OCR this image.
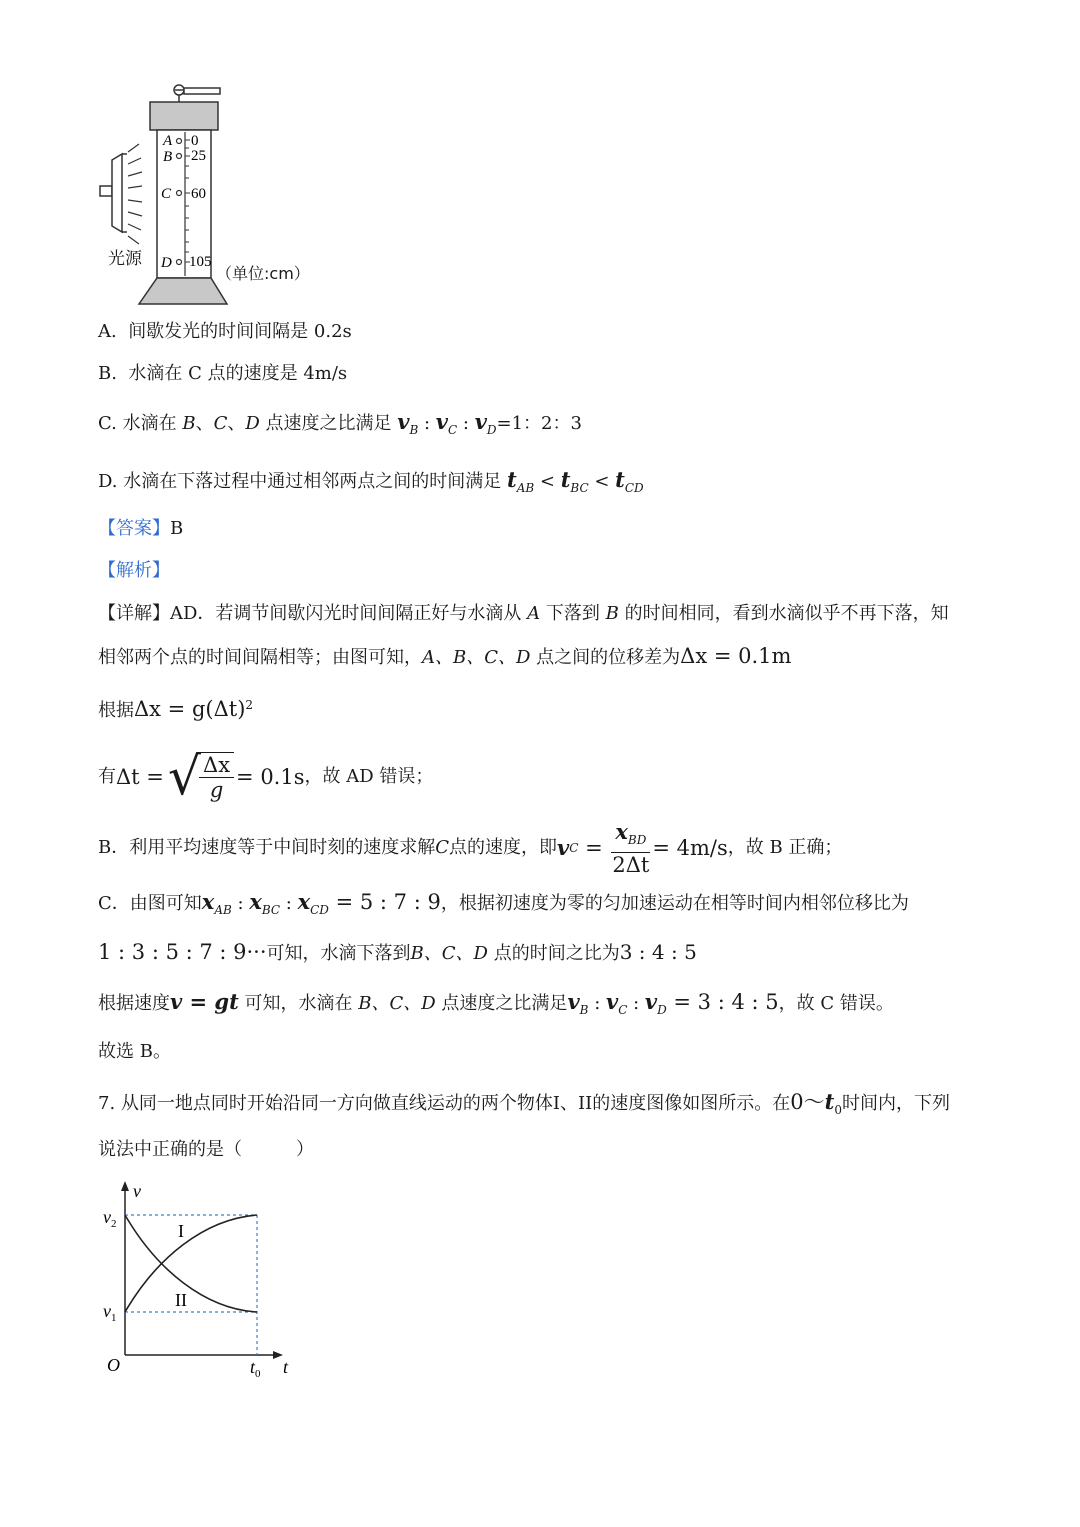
A
B
C
D
0
25
60
105
光源
（单位:cm）
A. 间歇发光的时间间隔是 0.2s
B. 水滴在 C 点的速度是 4m/s
C. 水滴在 B、C、D 点速度之比满足 $v_B$ : $v_C$ : $v_D=1$：2：3
D. 水滴在下落过程中通过相邻两点之间的时间满足 $t_{AB} < t_{BC} < t_{CD}$
【答案】B
【解析】
【详解】AD．若调节间歇闪光时间间隔正好与水滴从 A 下落到 B 的时间相同，看到水滴似乎不再下落，知
相邻两个点的时间间隔相等；由图可知，A、B、C、D 点之间的位移差为Δx = 0.1m
根据$\Delta x = g(\Delta t)^2$
有 Δt = √
$\frac{\Delta x}{g} = 0.1s$ ，故 AD 错误；
B．利用平均速度等于中间时刻的速度求解 C 点的速度，即 v $C = \frac{x_{BD}}{2\Delta t} = 4m/s$ ，故 B 正确；
C．由图可知$x_{AB}$ : $x_{BC}$ : $x_{CD} = 5$ : 7 : 9，根据初速度为零的匀加速运动在相等时间内相邻位移比为
1 : 3 : 5 : 7 : 9···可知，水滴下落到B、C、D 点的时间之比为3 : 4 : 5
根据速度v = gt 可知，水滴在 B、C、D 点速度之比满足$v_B$ : $v_C$ : $v_D = 3$ : 4 : 5，故 C 错误。
故选 B。
7. 从同一地点同时开始沿同一方向做直线运动的两个物体I、II的速度图像如图所示。在$0\sim t_0$时间内，下列
说法中正确的是（　　　）
v
t
O
$v_2$
$v_1$
$t_0$
I
II
